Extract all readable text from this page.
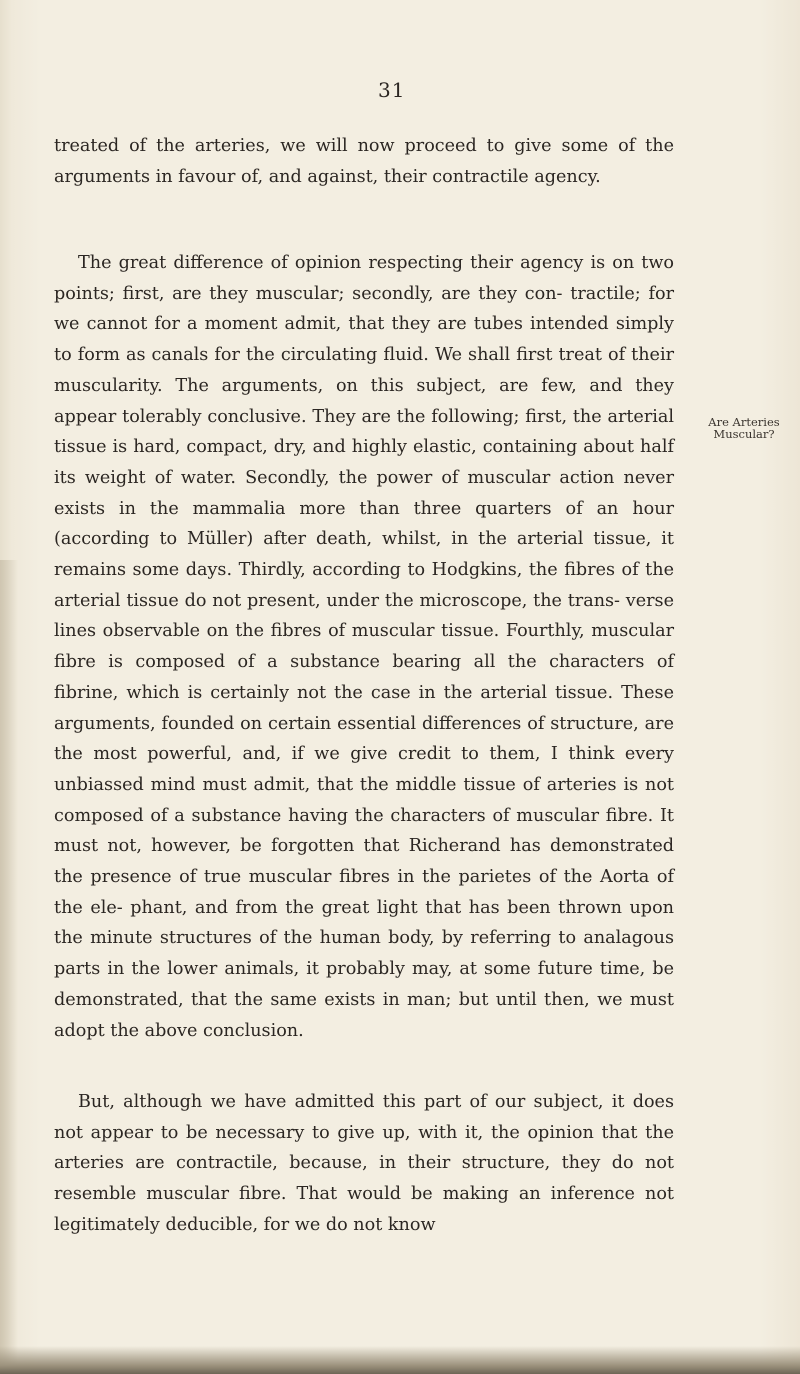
31

treated of the arteries, we will now proceed to give some of the arguments in favour of, and against, their contractile agency.

The great difference of opinion respecting their agency is on two points; first, are they muscular; secondly, are they con- tractile; for we cannot for a moment admit, that they are tubes intended simply to form as canals for the circulating fluid. We shall first treat of their muscularity. The arguments, on this subject, are few, and they appear tolerably conclusive. They are the following; first, the arterial tissue is hard, compact, dry, and highly elastic, containing about half its weight of water. Secondly, the power of muscular action never exists in the mammalia more than three quarters of an hour (according to Müller) after death, whilst, in the arterial tissue, it remains some days. Thirdly, according to Hodgkins, the fibres of the arterial tissue do not present, under the microscope, the trans- verse lines observable on the fibres of muscular tissue. Fourthly, muscular fibre is composed of a substance bearing all the characters of fibrine, which is certainly not the case in the arterial tissue. These arguments, founded on certain essential differences of structure, are the most powerful, and, if we give credit to them, I think every unbiassed mind must admit, that the middle tissue of arteries is not composed of a substance having the characters of muscular fibre. It must not, however, be forgotten that Richerand has demonstrated the presence of true muscular fibres in the parietes of the Aorta of the ele- phant, and from the great light that has been thrown upon the minute structures of the human body, by referring to analagous parts in the lower animals, it probably may, at some future time, be demonstrated, that the same exists in man; but until then, we must adopt the above conclusion.

Are Arteries Muscular?

But, although we have admitted this part of our subject, it does not appear to be necessary to give up, with it, the opinion that the arteries are contractile, because, in their structure, they do not resemble muscular fibre. That would be making an inference not legitimately deducible, for we do not know
